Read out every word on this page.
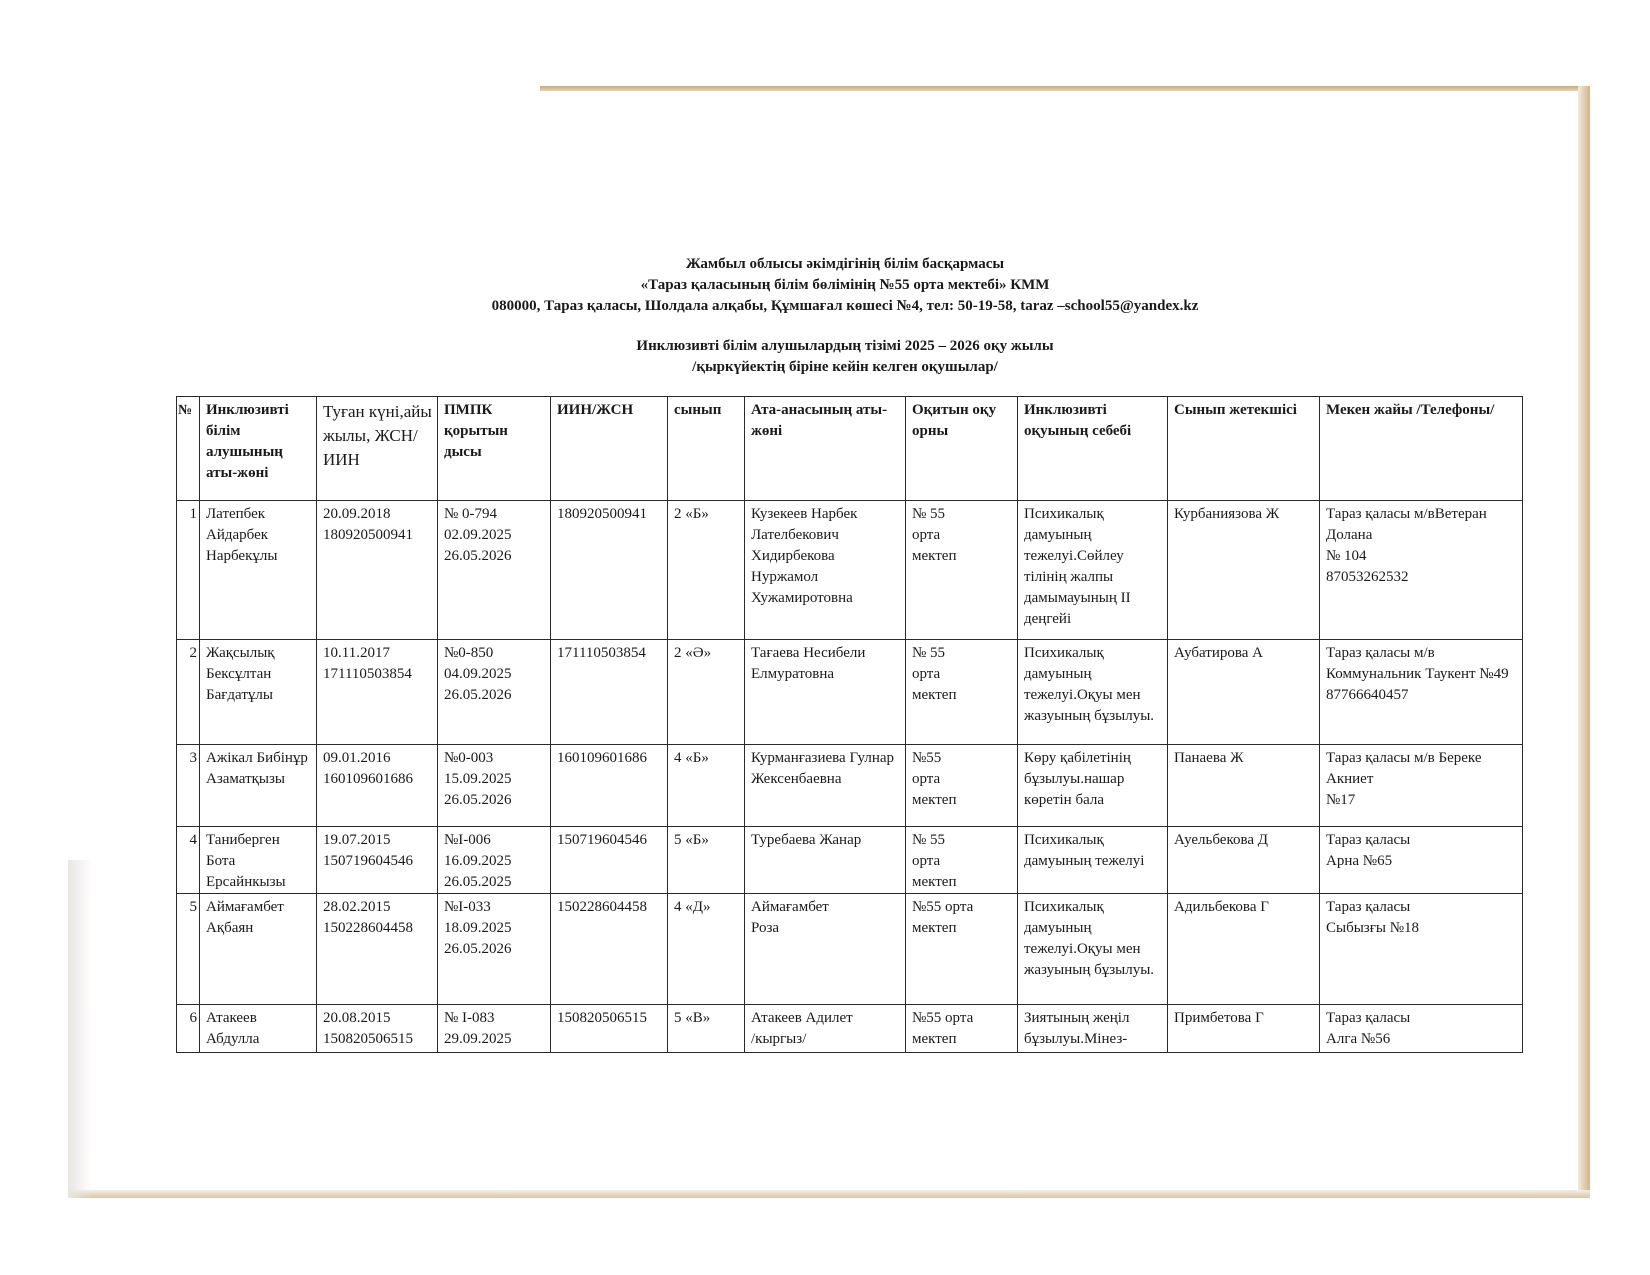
Жамбыл облысы әкімдігінің білім басқармасы
«Тараз қаласының білім бөлімінің №55 орта мектебі» КММ
080000, Тараз қаласы, Шолдала алқабы, Құмшағал көшесі №4, тел: 50-19-58, taraz –school55@yandex.kz
Инклюзивті білім алушылардың тізімі 2025 – 2026 оқу жылы
/қыркүйектің біріне кейін келген оқушылар/
№	Инклюзивті білім алушының аты-жөні	Туған күні,айы жылы, ЖСН/ИИН	ПМПК қорытын дысы	ИИН/ЖСН	сынып	Ата-анасының аты-жөні	Оқитын оқу орны	Инклюзивті оқуының себебі	Сынып жетекшісі	Мекен жайы /Телефоны/
1	Латепбек Айдарбек Нарбекұлы	20.09.2018
180920500941	№ 0-794
02.09.2025
26.05.2026	180920500941	2 «Б»	Кузекеев Нарбек Лателбекович Хидирбекова Нуржамол Хужамиротовна	№ 55
орта
мектеп	Психикалық дамуының тежелуі.Сөйлеу тілінің жалпы дамымауының ІІ деңгейі	Курбаниязова Ж	Тараз қаласы м/вВетеран Долана
№ 104
87053262532
2	Жақсылық Бексұлтан Бағдатұлы	10.11.2017
171110503854	№0-850
04.09.2025
26.05.2026	171110503854	2 «Ә»	Тағаева Несибели Елмуратовна	№ 55
орта
мектеп	Психикалық дамуының тежелуі.Оқуы мен жазуының бұзылуы.	Аубатирова А	Тараз қаласы м/в Коммунальник Таукент №49
87766640457
3	Ажікал Бибінұр Азаматқызы	09.01.2016
160109601686	№0-003
15.09.2025
26.05.2026	160109601686	4 «Б»	Курманғазиева Гулнар Жексенбаевна	№55
орта
мектеп	Көру қабілетінің бұзылуы.нашар көретін бала	Панаева Ж	Тараз қаласы м/в Береке Акниет
№17
4	Таниберген Бота Ерсайнкызы	19.07.2015
150719604546	№І-006
16.09.2025
26.05.2025	150719604546	5 «Б»	Туребаева Жанар	№ 55
орта
мектеп	Психикалық дамуының тежелуі	Ауельбекова Д	Тараз қаласы
Арна №65
5	Аймағамбет Ақбаян	28.02.2015
150228604458	№І-033
18.09.2025
26.05.2026	150228604458	4 «Д»	Аймағамбет
Роза	№55 орта мектеп	Психикалық дамуының тежелуі.Оқуы мен жазуының бұзылуы.	Адильбекова Г	Тараз қаласы
Сыбызғы №18
6	Атакеев
Абдулла	20.08.2015
150820506515	№ І-083
29.09.2025	150820506515	5 «В»	Атакеев Адилет
/кыргыз/	№55 орта
мектеп	Зиятының жеңіл бұзылуы.Мінез-	Примбетова Г	Тараз қаласы
Алга №56
